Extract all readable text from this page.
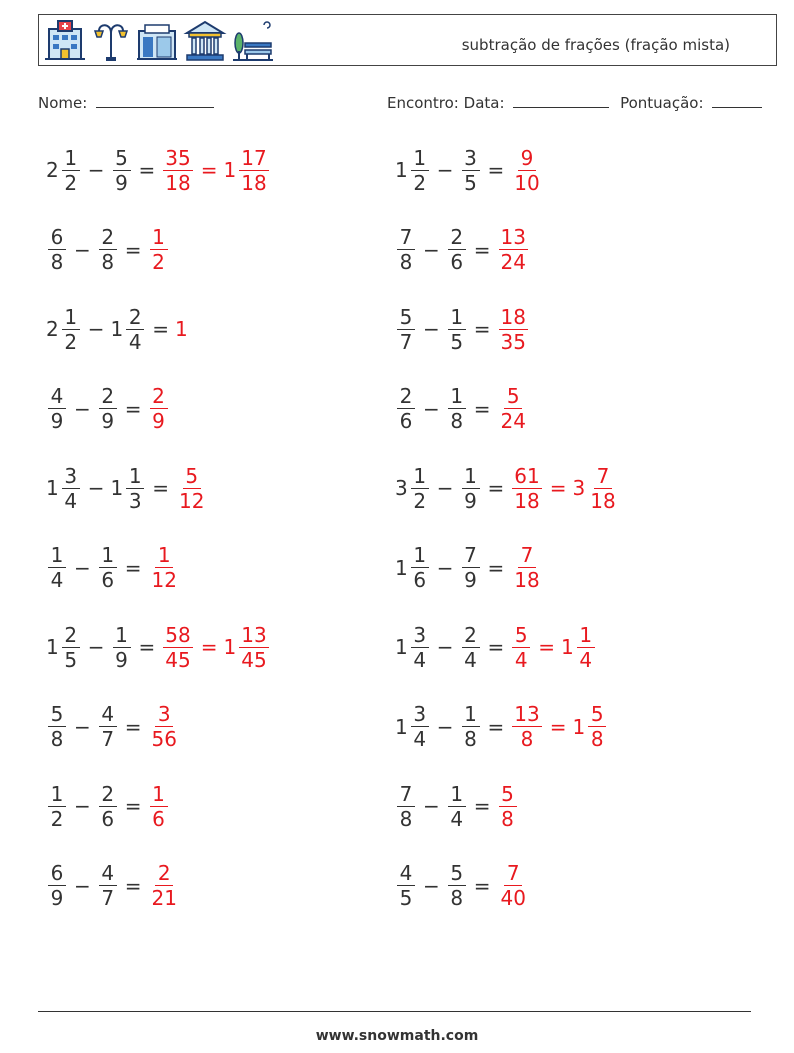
subtração de frações (fração mista)
Nome:	Encontro: Data:	Pontuação:
$2 \frac{1}{2} - \frac{5}{9} = \frac{35}{18} = 1 \frac{17}{18}$	$1 \frac{1}{2} - \frac{3}{5} = \frac{9}{10}$
$\frac{6}{8} - \frac{2}{8} = \frac{1}{2}$	$\frac{7}{8} - \frac{2}{6} = \frac{13}{24}$
$2 \frac{1}{2} - 1 \frac{2}{4} = 1$	$\frac{5}{7} - \frac{1}{5} = \frac{18}{35}$
$\frac{4}{9} - \frac{2}{9} = \frac{2}{9}$	$\frac{2}{6} - \frac{1}{8} = \frac{5}{24}$
$1 \frac{3}{4} - 1 \frac{1}{3} = \frac{5}{12}$	$3 \frac{1}{2} - \frac{1}{9} = \frac{61}{18} = 3 \frac{7}{18}$
$\frac{1}{4} - \frac{1}{6} = \frac{1}{12}$	$1 \frac{1}{6} - \frac{7}{9} = \frac{7}{18}$
$1 \frac{2}{5} - \frac{1}{9} = \frac{58}{45} = 1 \frac{13}{45}$	$1 \frac{3}{4} - \frac{2}{4} = \frac{5}{4} = 1 \frac{1}{4}$
$\frac{5}{8} - \frac{4}{7} = \frac{3}{56}$	$1 \frac{3}{4} - \frac{1}{8} = \frac{13}{8} = 1 \frac{5}{8}$
$\frac{1}{2} - \frac{2}{6} = \frac{1}{6}$	$\frac{7}{8} - \frac{1}{4} = \frac{5}{8}$
$\frac{6}{9} - \frac{4}{7} = \frac{2}{21}$	$\frac{4}{5} - \frac{5}{8} = \frac{7}{40}$
www.snowmath.com
